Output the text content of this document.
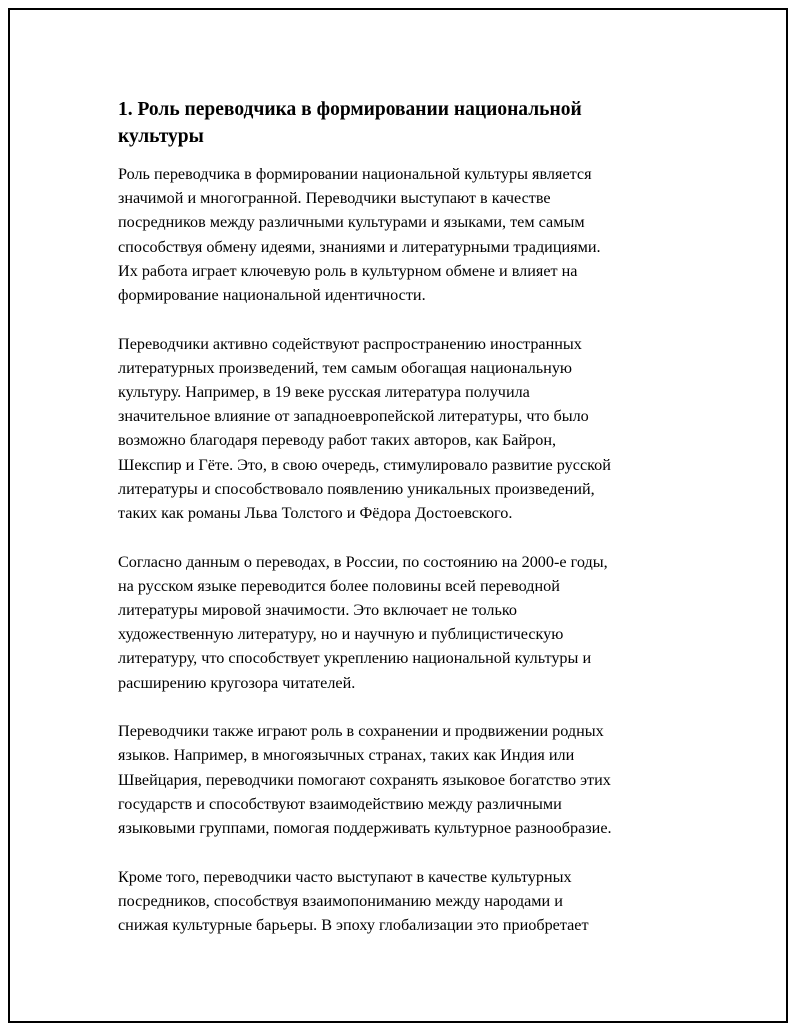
1. Роль переводчика в формировании национальной
культуры
Роль переводчика в формировании национальной культуры является
значимой и многогранной. Переводчики выступают в качестве
посредников между различными культурами и языками, тем самым
способствуя обмену идеями, знаниями и литературными традициями.
Их работа играет ключевую роль в культурном обмене и влияет на
формирование национальной идентичности.
Переводчики активно содействуют распространению иностранных
литературных произведений, тем самым обогащая национальную
культуру. Например, в 19 веке русская литература получила
значительное влияние от западноевропейской литературы, что было
возможно благодаря переводу работ таких авторов, как Байрон,
Шекспир и Гёте. Это, в свою очередь, стимулировало развитие русской
литературы и способствовало появлению уникальных произведений,
таких как романы Льва Толстого и Фёдора Достоевского.
Согласно данным о переводах, в России, по состоянию на 2000-е годы,
на русском языке переводится более половины всей переводной
литературы мировой значимости. Это включает не только
художественную литературу, но и научную и публицистическую
литературу, что способствует укреплению национальной культуры и
расширению кругозора читателей.
Переводчики также играют роль в сохранении и продвижении родных
языков. Например, в многоязычных странах, таких как Индия или
Швейцария, переводчики помогают сохранять языковое богатство этих
государств и способствуют взаимодействию между различными
языковыми группами, помогая поддерживать культурное разнообразие.
Кроме того, переводчики часто выступают в качестве культурных
посредников, способствуя взаимопониманию между народами и
снижая культурные барьеры. В эпоху глобализации это приобретает
